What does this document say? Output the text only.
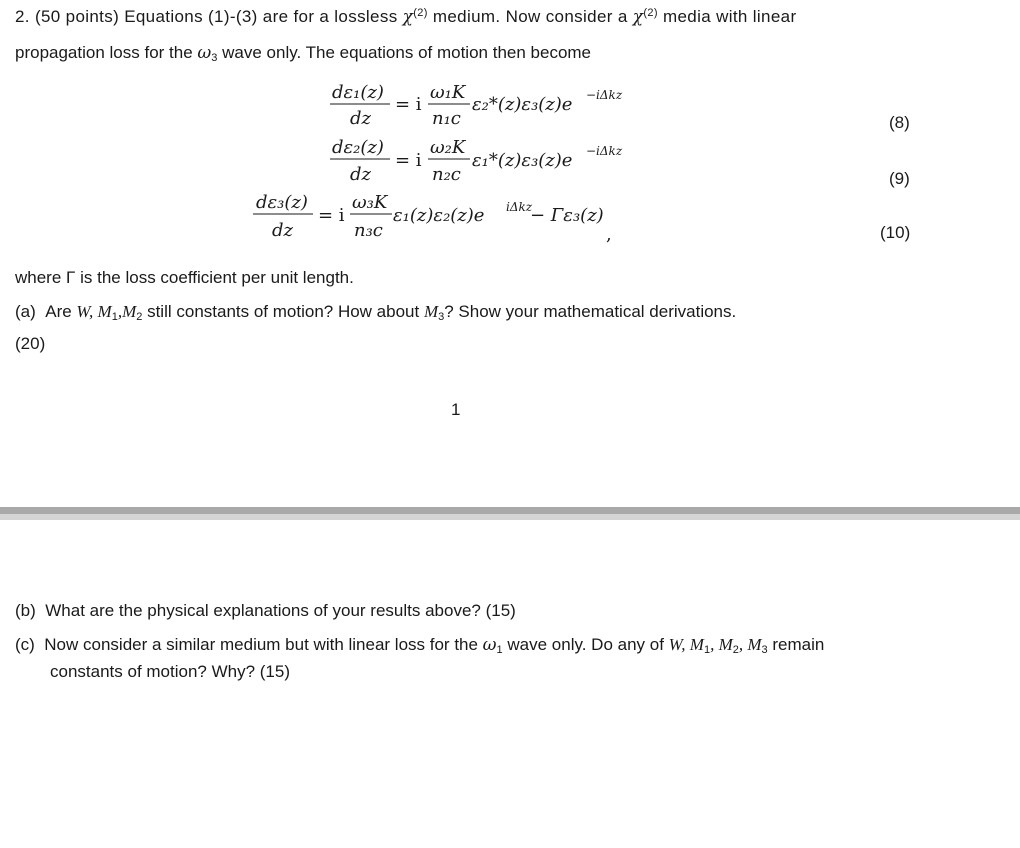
2. (50 points) Equations (1)-(3) are for a lossless $\chi^{(2)}$ medium. Now consider a $\chi^{(2)}$ media with linear
propagation loss for the $\omega_3$ wave only. The equations of motion then become
dε₁(z)
dz
= i
ω₁K
n₁c
ε₂*(z)ε₃(z)e −iΔkz
dε₂(z)
dz
= i
ω₂K
n₂c
ε₁*(z)ε₃(z)e −iΔkz
dε₃(z)
dz
= i
ω₃K
n₃c
ε₁(z)ε₂(z)e iΔkz
− Γε₃(z)
,
(8)
(9)
(10)
where Γ is the loss coefficient per unit length.
(a) Are W, $M_1,M_2$ still constants of motion? How about $M_3$? Show your mathematical derivations.
(20)
1
(b) What are the physical explanations of your results above? (15)
(c) Now consider a similar medium but with linear loss for the $\omega_1$ wave only. Do any of W, $M_1$, $M_2$, $M_3$ remain
constants of motion? Why? (15)
